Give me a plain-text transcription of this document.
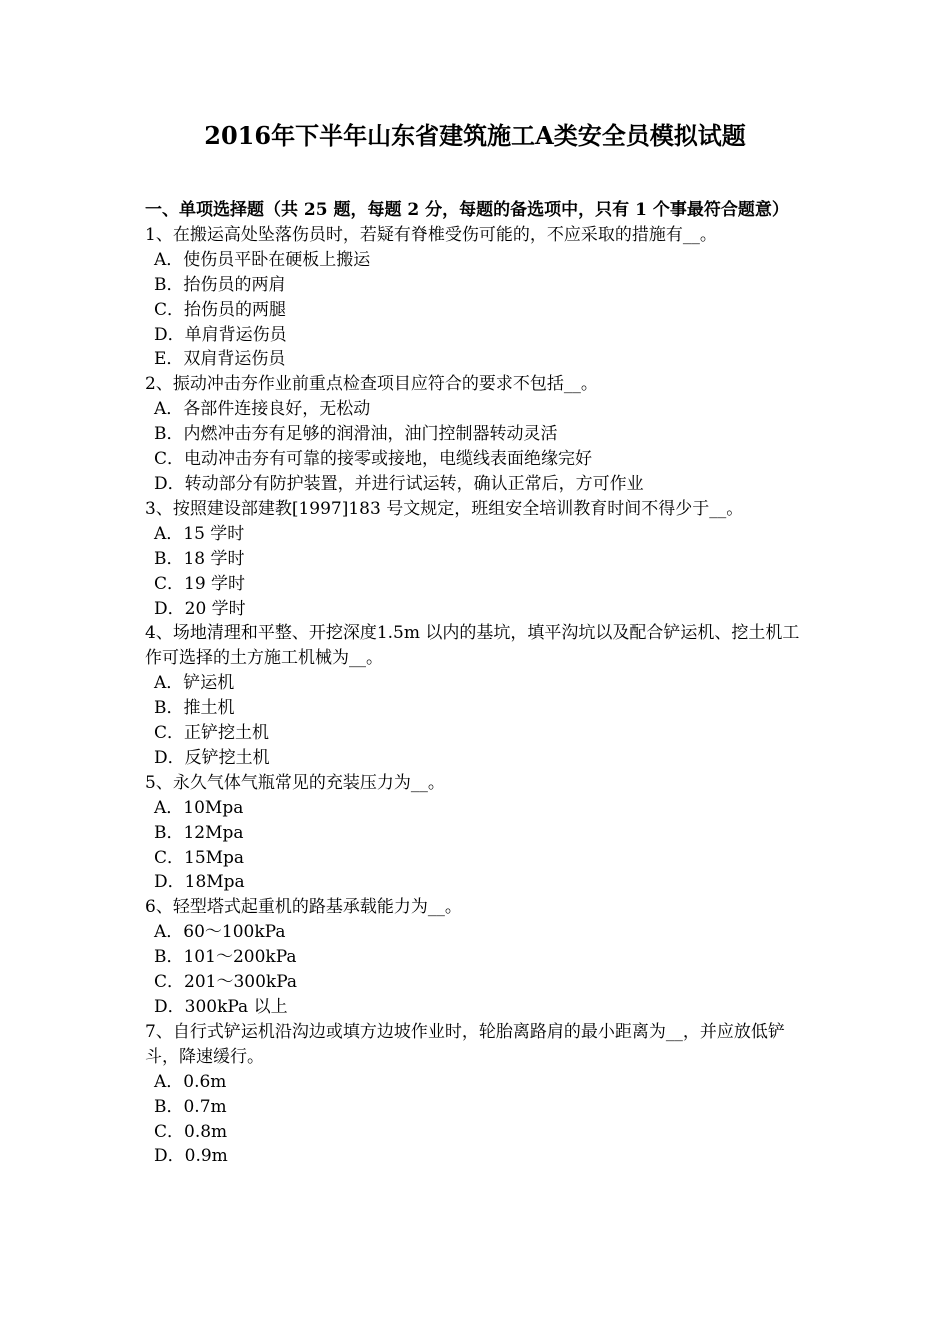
2016年下半年山东省建筑施工A类安全员模拟试题
一、单项选择题（共 25 题，每题 2 分，每题的备选项中，只有 1 个事最符合题意）
1、在搬运高处坠落伤员时，若疑有脊椎受伤可能的，不应采取的措施有__。
A．使伤员平卧在硬板上搬运
B．抬伤员的两肩
C．抬伤员的两腿
D．单肩背运伤员
E．双肩背运伤员
2、振动冲击夯作业前重点检查项目应符合的要求不包括__。
A．各部件连接良好，无松动
B．内燃冲击夯有足够的润滑油，油门控制器转动灵活
C．电动冲击夯有可靠的接零或接地，电缆线表面绝缘完好
D．转动部分有防护装置，并进行试运转，确认正常后，方可作业
3、按照建设部建教[1997]183 号文规定，班组安全培训教育时间不得少于__。
A．15 学时
B．18 学时
C．19 学时
D．20 学时
4、场地清理和平整、开挖深度1.5m 以内的基坑，填平沟坑以及配合铲运机、挖土机工作可选择的土方施工机械为__。
A．铲运机
B．推土机
C．正铲挖土机
D．反铲挖土机
5、永久气体气瓶常见的充装压力为__。
A．10Mpa
B．12Mpa
C．15Mpa
D．18Mpa
6、轻型塔式起重机的路基承载能力为__。
A．60～100kPa
B．101～200kPa
C．201～300kPa
D．300kPa 以上
7、自行式铲运机沿沟边或填方边坡作业时，轮胎离路肩的最小距离为__，并应放低铲斗，降速缓行。
A．0.6m
B．0.7m
C．0.8m
D．0.9m
